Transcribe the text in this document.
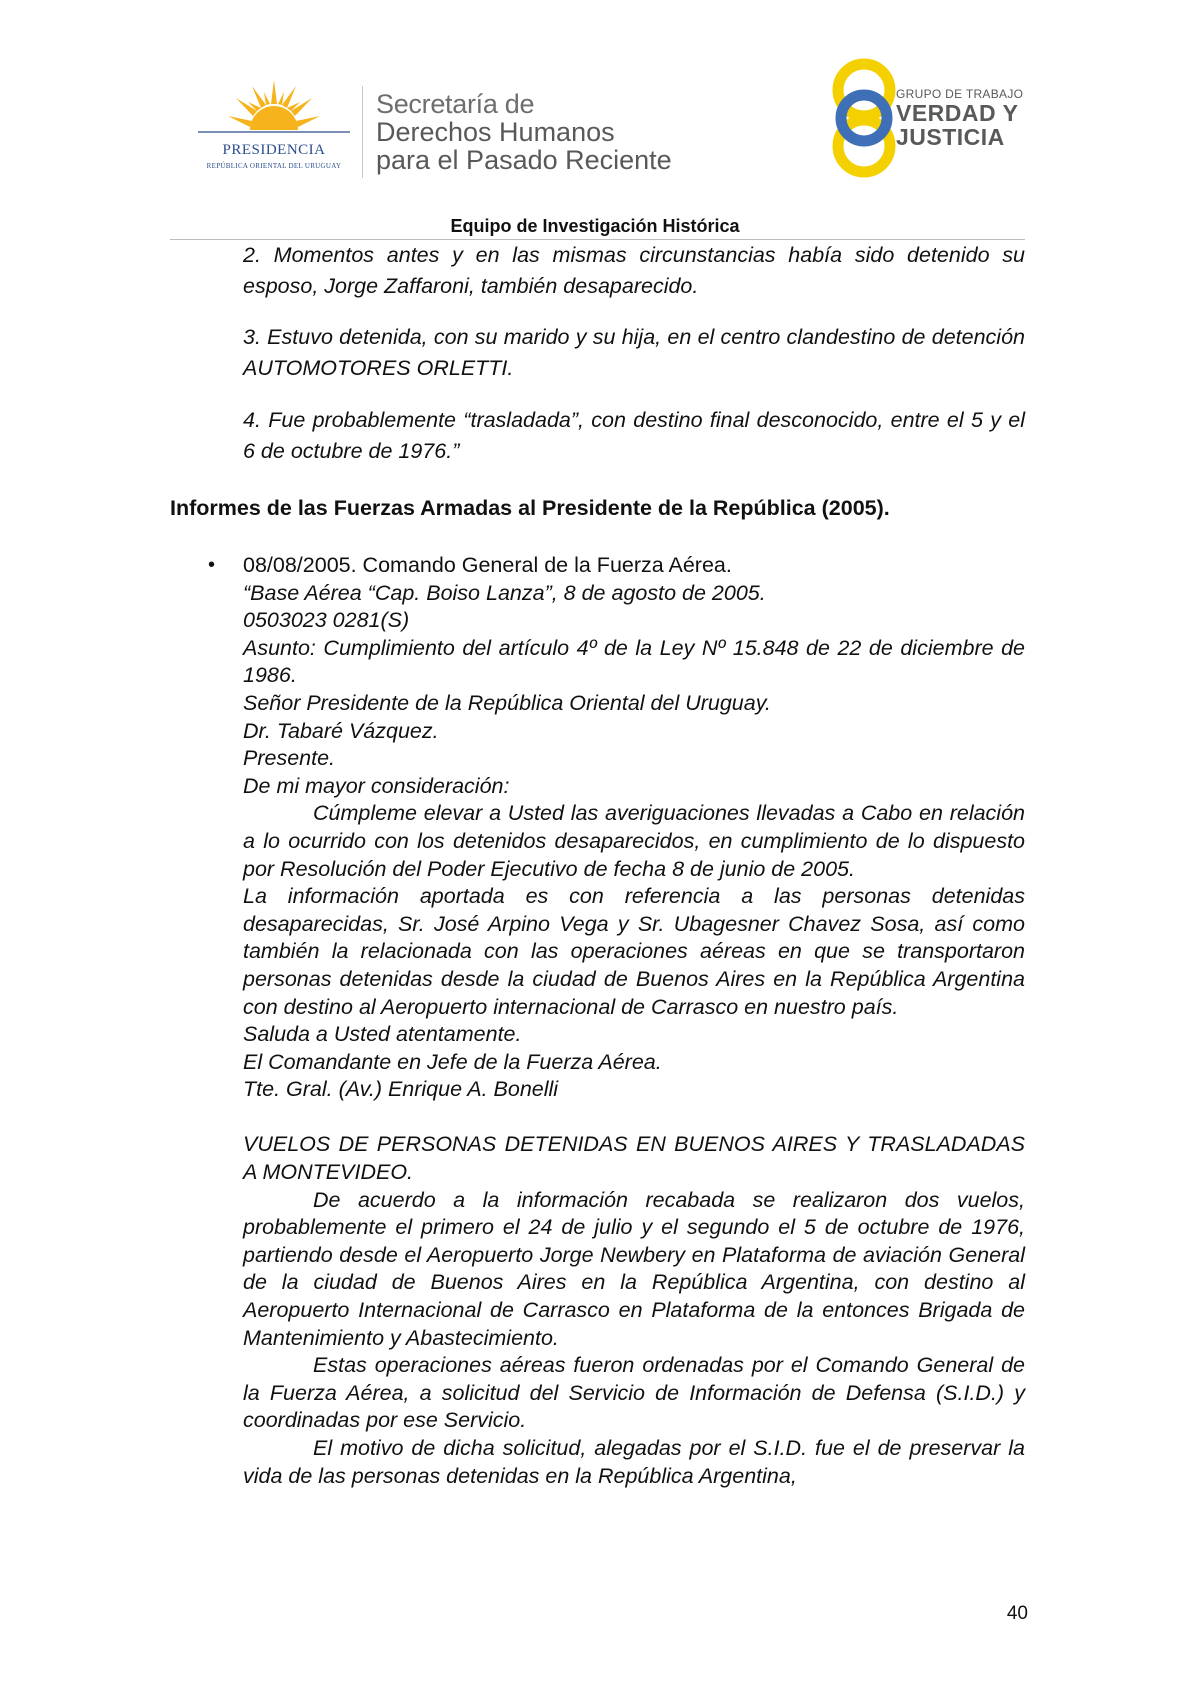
PRESIDENCIA
REPÚBLICA ORIENTAL DEL URUGUAY
Secretaría de
Derechos Humanos
para el Pasado Reciente
GRUPO DE TRABAJO
VERDAD Y
JUSTICIA
Equipo de Investigación Histórica
2. Momentos antes y en las mismas circunstancias había sido detenido su esposo, Jorge Zaffaroni, también desaparecido.
3. Estuvo detenida, con su marido y su hija, en el centro clandestino de detención AUTOMOTORES ORLETTI.
4. Fue probablemente “trasladada”, con destino final desconocido, entre el 5 y el 6 de octubre de 1976.”
Informes de las Fuerzas Armadas al Presidente de la República (2005).
• 08/08/2005. Comando General de la Fuerza Aérea.
“Base Aérea “Cap. Boiso Lanza”, 8 de agosto de 2005.
0503023 0281(S)
Asunto: Cumplimiento del artículo 4º de la Ley Nº 15.848 de 22 de diciembre de 1986.
Señor Presidente de la República Oriental del Uruguay.
Dr. Tabaré Vázquez.
Presente.
De mi mayor consideración:
Cúmpleme elevar a Usted las averiguaciones llevadas a Cabo en relación a lo ocurrido con los detenidos desaparecidos, en cumplimiento de lo dispuesto por Resolución del Poder Ejecutivo de fecha 8 de junio de 2005.
La información aportada es con referencia a las personas detenidas desaparecidas, Sr. José Arpino Vega y Sr. Ubagesner Chavez Sosa, así como también la relacionada con las operaciones aéreas en que se transportaron personas detenidas desde la ciudad de Buenos Aires en la República Argentina con destino al Aeropuerto internacional de Carrasco en nuestro país.
Saluda a Usted atentamente.
El Comandante en Jefe de la Fuerza Aérea.
Tte. Gral. (Av.) Enrique A. Bonelli
VUELOS DE PERSONAS DETENIDAS EN BUENOS AIRES Y TRASLADADAS A MONTEVIDEO.
De acuerdo a la información recabada se realizaron dos vuelos, probablemente el primero el 24 de julio y el segundo el 5 de octubre de 1976, partiendo desde el Aeropuerto Jorge Newbery en Plataforma de aviación General de la ciudad de Buenos Aires en la República Argentina, con destino al Aeropuerto Internacional de Carrasco en Plataforma de la entonces Brigada de Mantenimiento y Abastecimiento.
Estas operaciones aéreas fueron ordenadas por el Comando General de la Fuerza Aérea, a solicitud del Servicio de Información de Defensa (S.I.D.) y coordinadas por ese Servicio.
El motivo de dicha solicitud, alegadas por el S.I.D. fue el de preservar la vida de las personas detenidas en la República Argentina,
40
